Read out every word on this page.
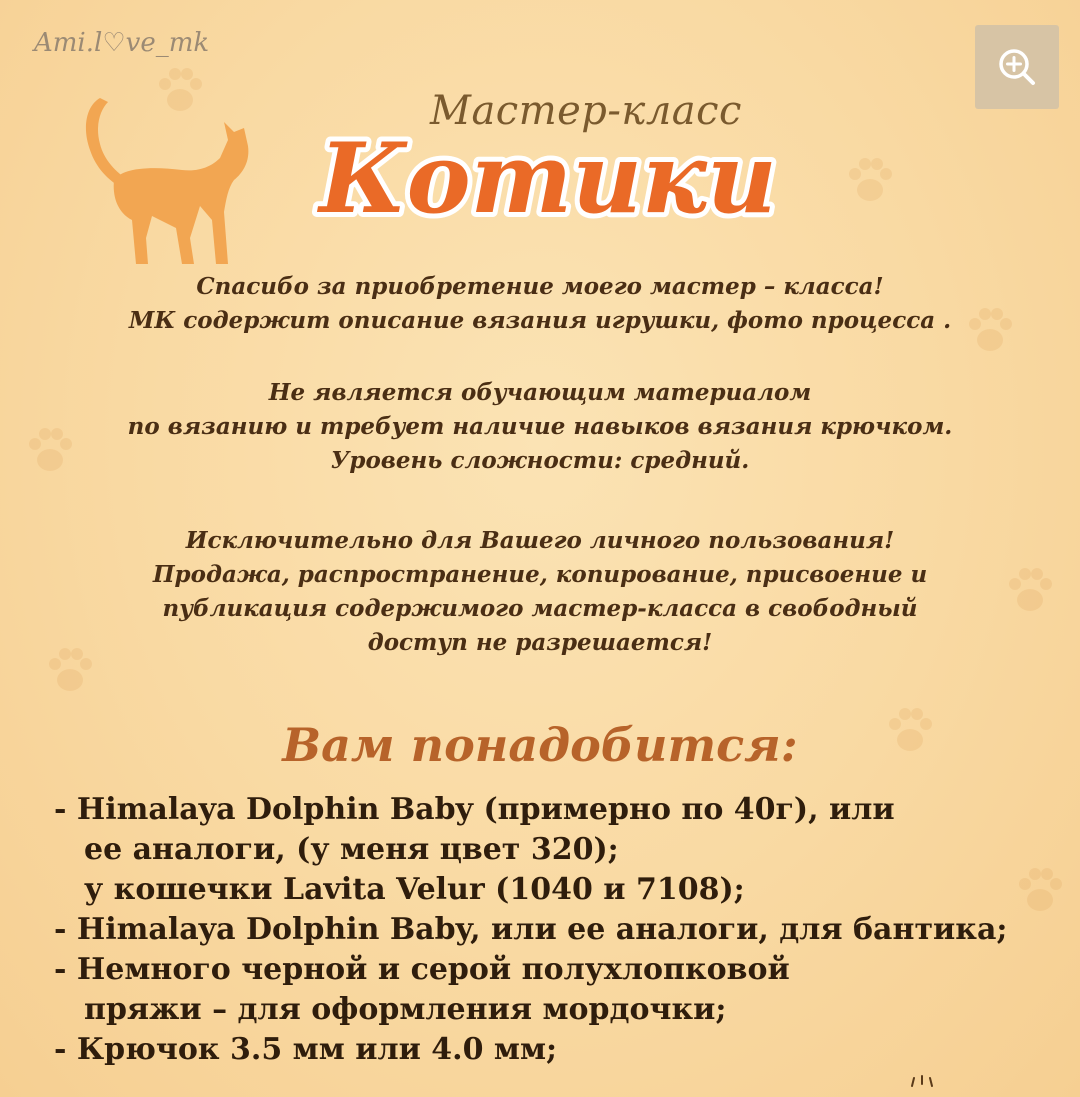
Ami.l♡ve_mk
Мастер-класс
Котики

Спасибо за приобретение моего мастер – класса!

МК содержит описание вязания игрушки, фото процесса .

Не является обучающим материалом

по вязанию и требует наличие навыков вязания крючком.

Уровень сложности: средний.

Исключительно для Вашего личного пользования!

Продажа, распространение, копирование, присвоение и

публикация содержимого мастер-класса в свободный

доступ не разрешается!

Вам понадобится:
- Himalaya Dolphin Baby (примерно по 40г), или
ее аналоги, (у меня цвет 320);
у кошечки Lavita Velur (1040 и 7108);
- Himalaya Dolphin Baby, или ее аналоги, для бантика;
- Немного черной и серой полухлопковой
пряжи – для оформления мордочки;
- Крючок 3.5 мм или 4.0 мм;
